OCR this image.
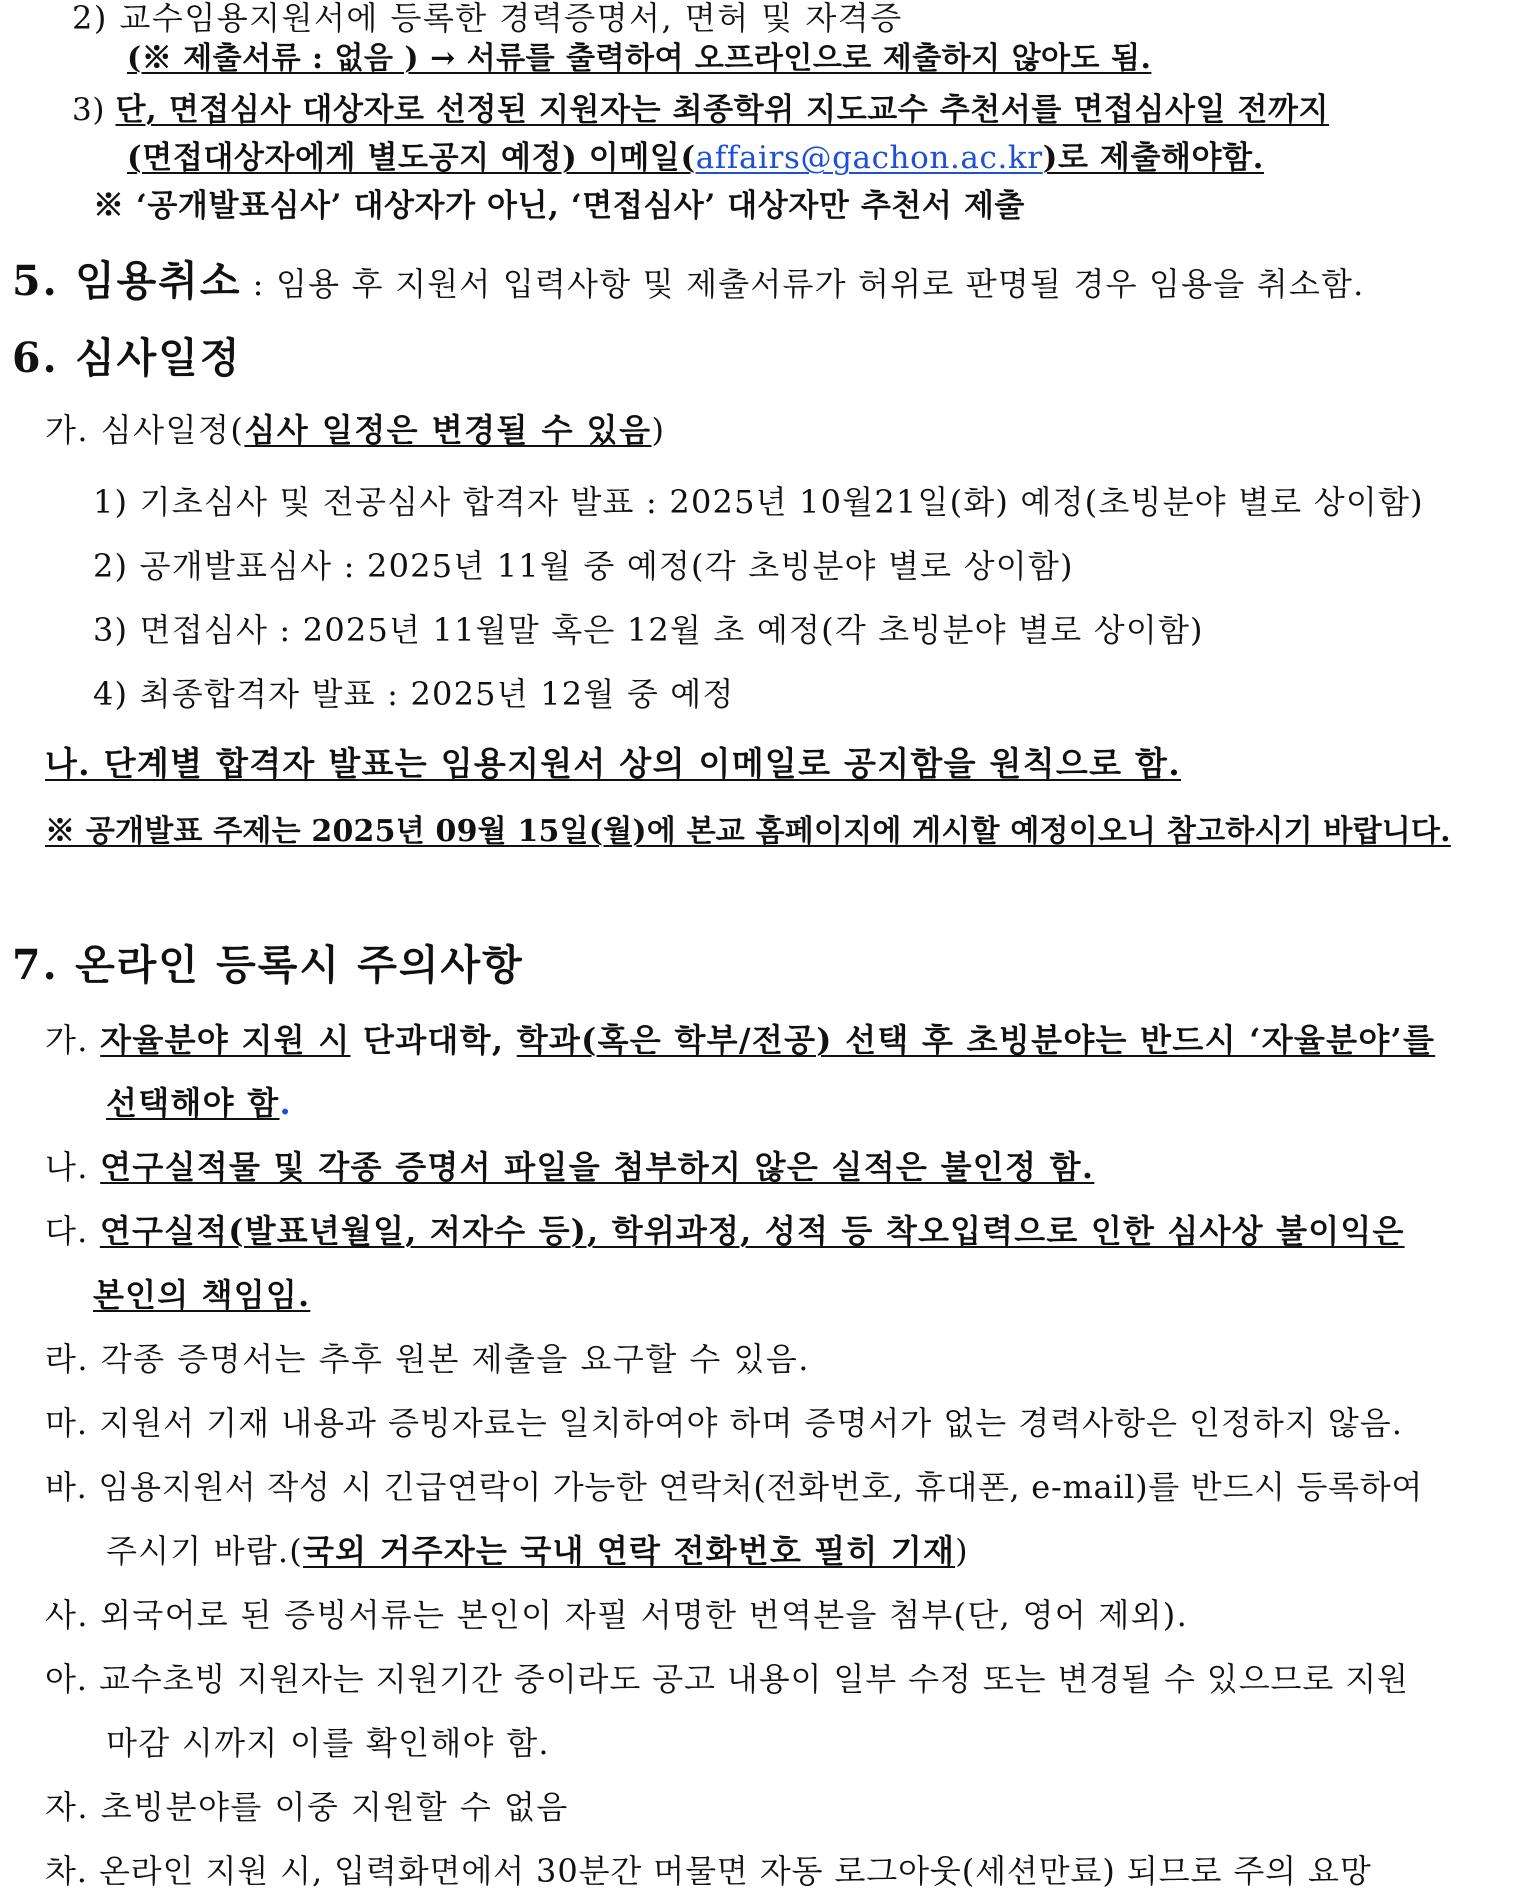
2) 교수임용지원서에 등록한 경력증명서, 면허 및 자격증
(※ 제출서류 : 없음 ) → 서류를 출력하여 오프라인으로 제출하지 않아도 됨.
3) 단, 면접심사 대상자로 선정된 지원자는 최종학위 지도교수 추천서를 면접심사일 전까지
(면접대상자에게 별도공지 예정) 이메일(affairs@gachon.ac.kr)로 제출해야함.
※ ‘공개발표심사’ 대상자가 아닌, ‘면접심사’ 대상자만 추천서 제출
5. 임용취소 : 임용 후 지원서 입력사항 및 제출서류가 허위로 판명될 경우 임용을 취소함.
6. 심사일정
가. 심사일정(심사 일정은 변경될 수 있음)
1) 기초심사 및 전공심사 합격자 발표 : 2025년 10월21일(화) 예정(초빙분야 별로 상이함)
2) 공개발표심사 : 2025년 11월 중 예정(각 초빙분야 별로 상이함)
3) 면접심사 : 2025년 11월말 혹은 12월 초 예정(각 초빙분야 별로 상이함)
4) 최종합격자 발표 : 2025년 12월 중 예정
나. 단계별 합격자 발표는 임용지원서 상의 이메일로 공지함을 원칙으로 함.
※ 공개발표 주제는 2025년 09월 15일(월)에 본교 홈페이지에 게시할 예정이오니 참고하시기 바랍니다.
7. 온라인 등록시 주의사항
가. 자율분야 지원 시 단과대학, 학과(혹은 학부/전공) 선택 후 초빙분야는 반드시 ‘자율분야’를
선택해야 함.
나. 연구실적물 및 각종 증명서 파일을 첨부하지 않은 실적은 불인정 함.
다. 연구실적(발표년월일, 저자수 등), 학위과정, 성적 등 착오입력으로 인한 심사상 불이익은
본인의 책임임.
라. 각종 증명서는 추후 원본 제출을 요구할 수 있음.
마. 지원서 기재 내용과 증빙자료는 일치하여야 하며 증명서가 없는 경력사항은 인정하지 않음.
바. 임용지원서 작성 시 긴급연락이 가능한 연락처(전화번호, 휴대폰, e-mail)를 반드시 등록하여
주시기 바람.(국외 거주자는 국내 연락 전화번호 필히 기재)
사. 외국어로 된 증빙서류는 본인이 자필 서명한 번역본을 첨부(단, 영어 제외).
아. 교수초빙 지원자는 지원기간 중이라도 공고 내용이 일부 수정 또는 변경될 수 있으므로 지원
마감 시까지 이를 확인해야 함.
자. 초빙분야를 이중 지원할 수 없음
차. 온라인 지원 시, 입력화면에서 30분간 머물면 자동 로그아웃(세션만료) 되므로 주의 요망
